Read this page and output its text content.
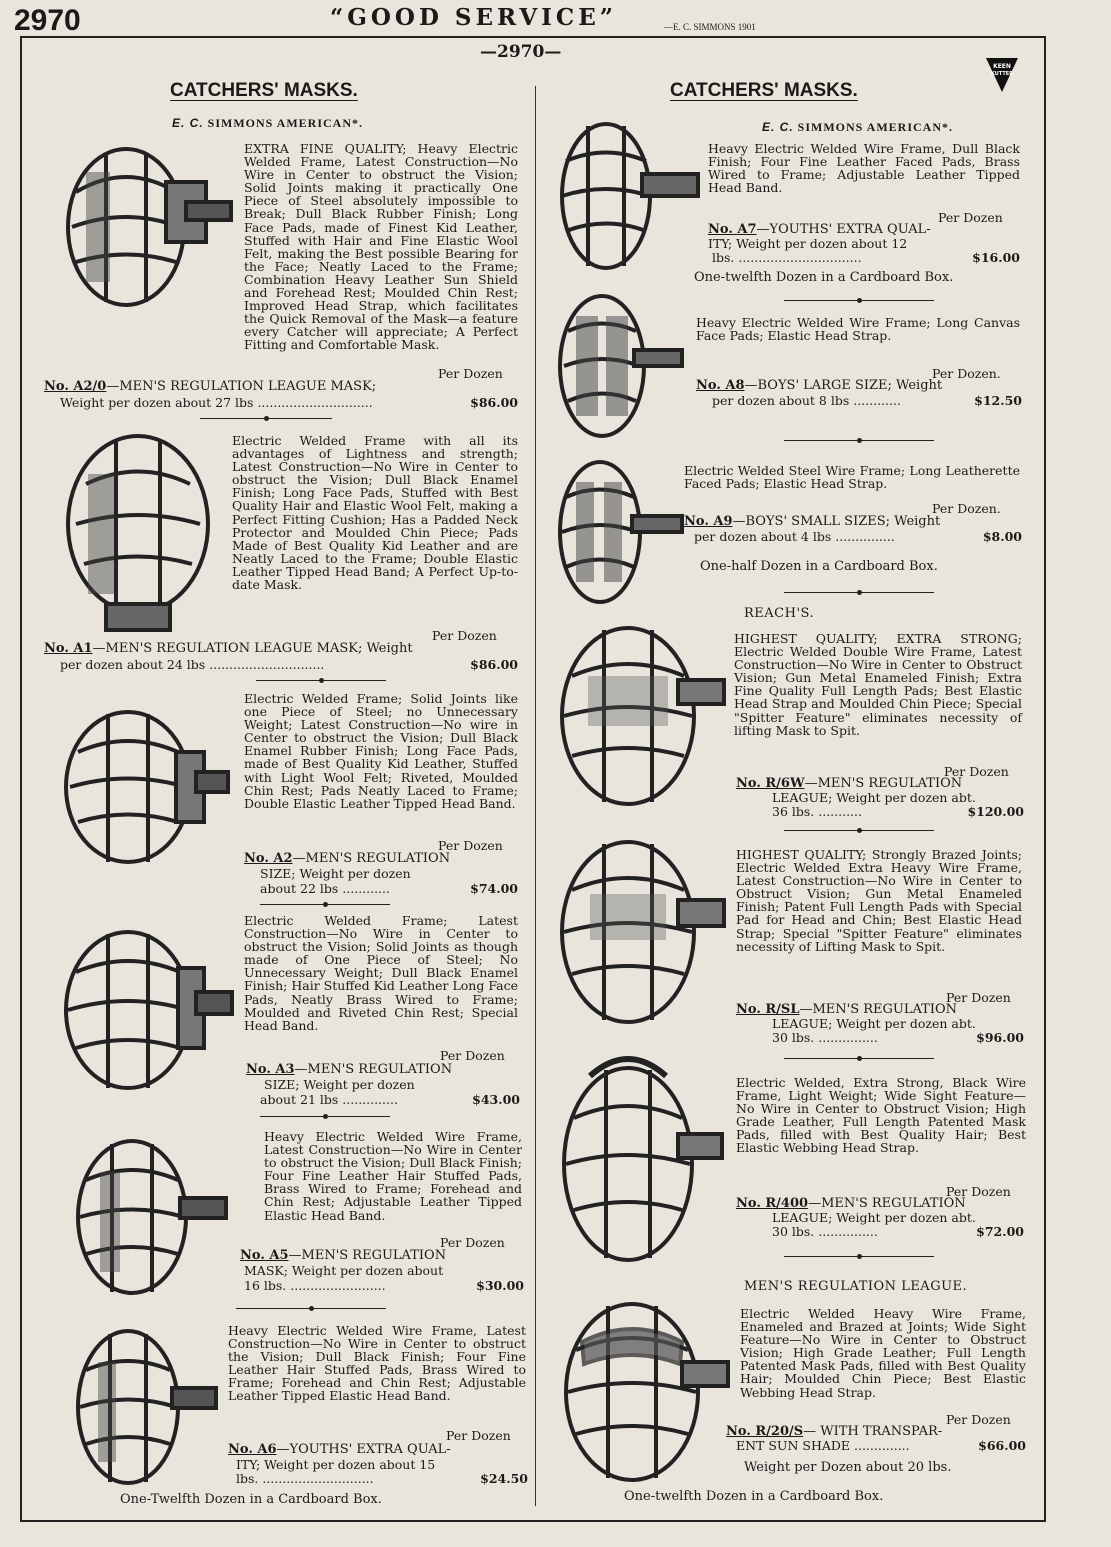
2970	“GOOD SERVICE”	—E. C. SIMMONS 1901
—2970—
KEEN
KUTTER
CATCHERS' MASKS.
E. C. SIMMONS AMERICAN*.
EXTRA FINE QUALITY; Heavy Electric Welded Frame, Latest Construction—No Wire in Center to obstruct the Vision; Solid Joints making it practically One Piece of Steel absolutely impossible to Break; Dull Black Rubber Finish; Long Face Pads, made of Finest Kid Leather, Stuffed with Hair and Fine Elastic Wool Felt, making the Best possible Bearing for the Face; Neatly Laced to the Frame; Combination Heavy Leather Sun Shield and Forehead Rest; Moulded Chin Rest; Improved Head Strap, which facilitates the Quick Removal of the Mask—a feature every Catcher will appreciate; A Perfect Fitting and Comfortable Mask.
Per Dozen
No. A2/0—MEN'S REGULATION LEAGUE MASK;
Weight per dozen about 27 lbs .............................	$86.00
Electric Welded Frame with all its advantages of Lightness and strength; Latest Construction—No Wire in Center to obstruct the Vision; Dull Black Enamel Finish; Long Face Pads, Stuffed with Best Quality Hair and Elastic Wool Felt, making a Perfect Fitting Cushion; Has a Padded Neck Protector and Moulded Chin Piece; Pads Made of Best Quality Kid Leather and are Neatly Laced to the Frame; Double Elastic Leather Tipped Head Band; A Perfect Up-to-date Mask.
Per Dozen
No. A1—MEN'S REGULATION LEAGUE MASK; Weight
per dozen about 24 lbs .............................	$86.00
Electric Welded Frame; Solid Joints like one Piece of Steel; no Unnecessary Weight; Latest Construction—No wire in Center to obstruct the Vision; Dull Black Enamel Rubber Finish; Long Face Pads, made of Best Quality Kid Leather, Stuffed with Light Wool Felt; Riveted, Moulded Chin Rest; Pads Neatly Laced to Frame; Double Elastic Leather Tipped Head Band.
Per Dozen
No. A2—MEN'S REGULATION
SIZE; Weight per dozen
about 22 lbs ............	$74.00
Electric Welded Frame; Latest Construction—No Wire in Center to obstruct the Vision; Solid Joints as though made of One Piece of Steel; No Unnecessary Weight; Dull Black Enamel Finish; Hair Stuffed Kid Leather Long Face Pads, Neatly Brass Wired to Frame; Moulded and Riveted Chin Rest; Special Head Band.
Per Dozen
No. A3—MEN'S REGULATION
SIZE; Weight per dozen
about 21 lbs ..............	$43.00
Heavy Electric Welded Wire Frame, Latest Construction—No Wire in Center to obstruct the Vision; Dull Black Finish; Four Fine Leather Hair Stuffed Pads, Brass Wired to Frame; Forehead and Chin Rest; Adjustable Leather Tipped Elastic Head Band.
Per Dozen
No. A5—MEN'S REGULATION
MASK; Weight per dozen about
16 lbs. ........................	$30.00
Heavy Electric Welded Wire Frame, Latest Construction—No Wire in Center to obstruct the Vision; Dull Black Finish; Four Fine Leather Hair Stuffed Pads, Brass Wired to Frame; Forehead and Chin Rest; Adjustable Leather Tipped Elastic Head Band.
Per Dozen
No. A6—YOUTHS' EXTRA QUAL-
ITY; Weight per dozen about 15
lbs. ............................	$24.50
One-Twelfth Dozen in a Cardboard Box.
CATCHERS' MASKS.
E. C. SIMMONS AMERICAN*.
Heavy Electric Welded Wire Frame, Dull Black Finish; Four Fine Leather Faced Pads, Brass Wired to Frame; Adjustable Leather Tipped Head Band.
Per Dozen
No. A7—YOUTHS' EXTRA QUAL-
ITY; Weight per dozen about 12
lbs. ...............................	$16.00
One-twelfth Dozen in a Cardboard Box.
Heavy Electric Welded Wire Frame; Long Canvas Face Pads; Elastic Head Strap.
Per Dozen.
No. A8—BOYS' LARGE SIZE; Weight
per dozen about 8 lbs ............	$12.50
Electric Welded Steel Wire Frame; Long Leatherette Faced Pads; Elastic Head Strap.
Per Dozen.
No. A9—BOYS' SMALL SIZES; Weight
per dozen about 4 lbs ...............	$8.00
One-half Dozen in a Cardboard Box.
REACH'S.
HIGHEST QUALITY; EXTRA STRONG; Electric Welded Double Wire Frame, Latest Construction—No Wire in Center to Obstruct Vision; Gun Metal Enameled Finish; Extra Fine Quality Full Length Pads; Best Elastic Head Strap and Moulded Chin Piece; Special "Spitter Feature" eliminates necessity of lifting Mask to Spit.
Per Dozen
No. R/6W—MEN'S REGULATION
LEAGUE; Weight per dozen abt.
36 lbs. ...........	$120.00
HIGHEST QUALITY; Strongly Brazed Joints; Electric Welded Extra Heavy Wire Frame, Latest Construction—No Wire in Center to Obstruct Vision; Gun Metal Enameled Finish; Patent Full Length Pads with Special Pad for Head and Chin; Best Elastic Head Strap; Special "Spitter Feature" eliminates necessity of Lifting Mask to Spit.
Per Dozen
No. R/SL—MEN'S REGULATION
LEAGUE; Weight per dozen abt.
30 lbs. ...............	$96.00
Electric Welded, Extra Strong, Black Wire Frame, Light Weight; Wide Sight Feature—No Wire in Center to Obstruct Vision; High Grade Leather, Full Length Patented Mask Pads, filled with Best Quality Hair; Best Elastic Webbing Head Strap.
Per Dozen
No. R/400—MEN'S REGULATION
LEAGUE; Weight per dozen abt.
30 lbs. ...............	$72.00
MEN'S REGULATION LEAGUE.
Electric Welded Heavy Wire Frame, Enameled and Brazed at Joints; Wide Sight Feature—No Wire in Center to Obstruct Vision; High Grade Leather; Full Length Patented Mask Pads, filled with Best Quality Hair; Moulded Chin Piece; Best Elastic Webbing Head Strap.
Per Dozen
No. R/20/S— WITH TRANSPAR-
ENT SUN SHADE ..............	$66.00
Weight per Dozen about 20 lbs.
One-twelfth Dozen in a Cardboard Box.
